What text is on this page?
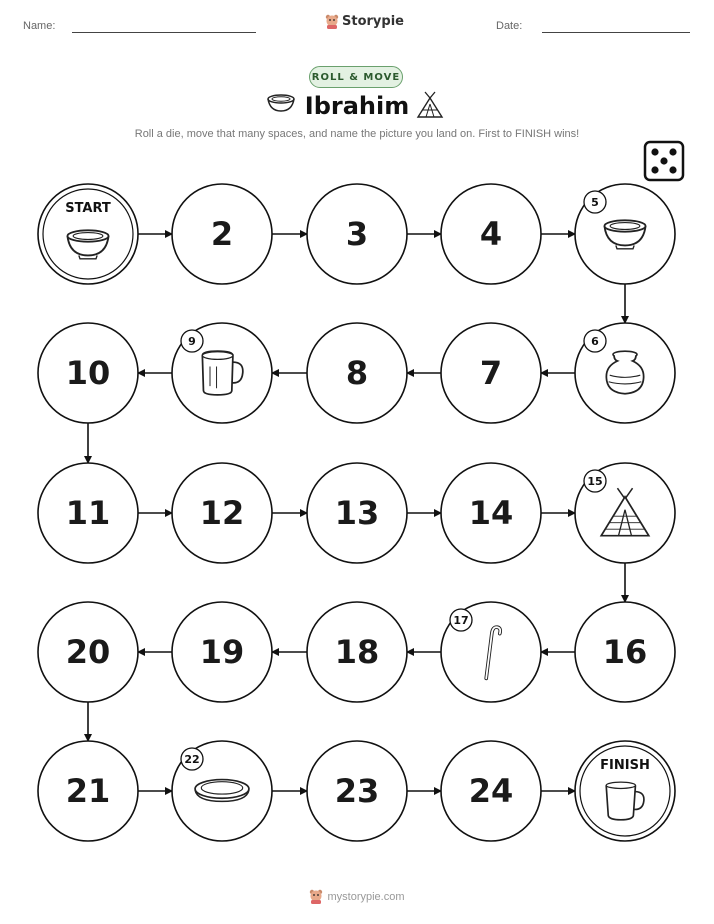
Name:	Storypie	Date:
ROLL & MOVE
Ibrahim
Roll a die, move that many spaces, and name the picture you land on. First to FINISH wins!
START
2	3	4
5
6
7
8
9
10
11	12	13	14
15
16
17
18
19
20
21
22
23	24
FINISH
mystorypie.com
